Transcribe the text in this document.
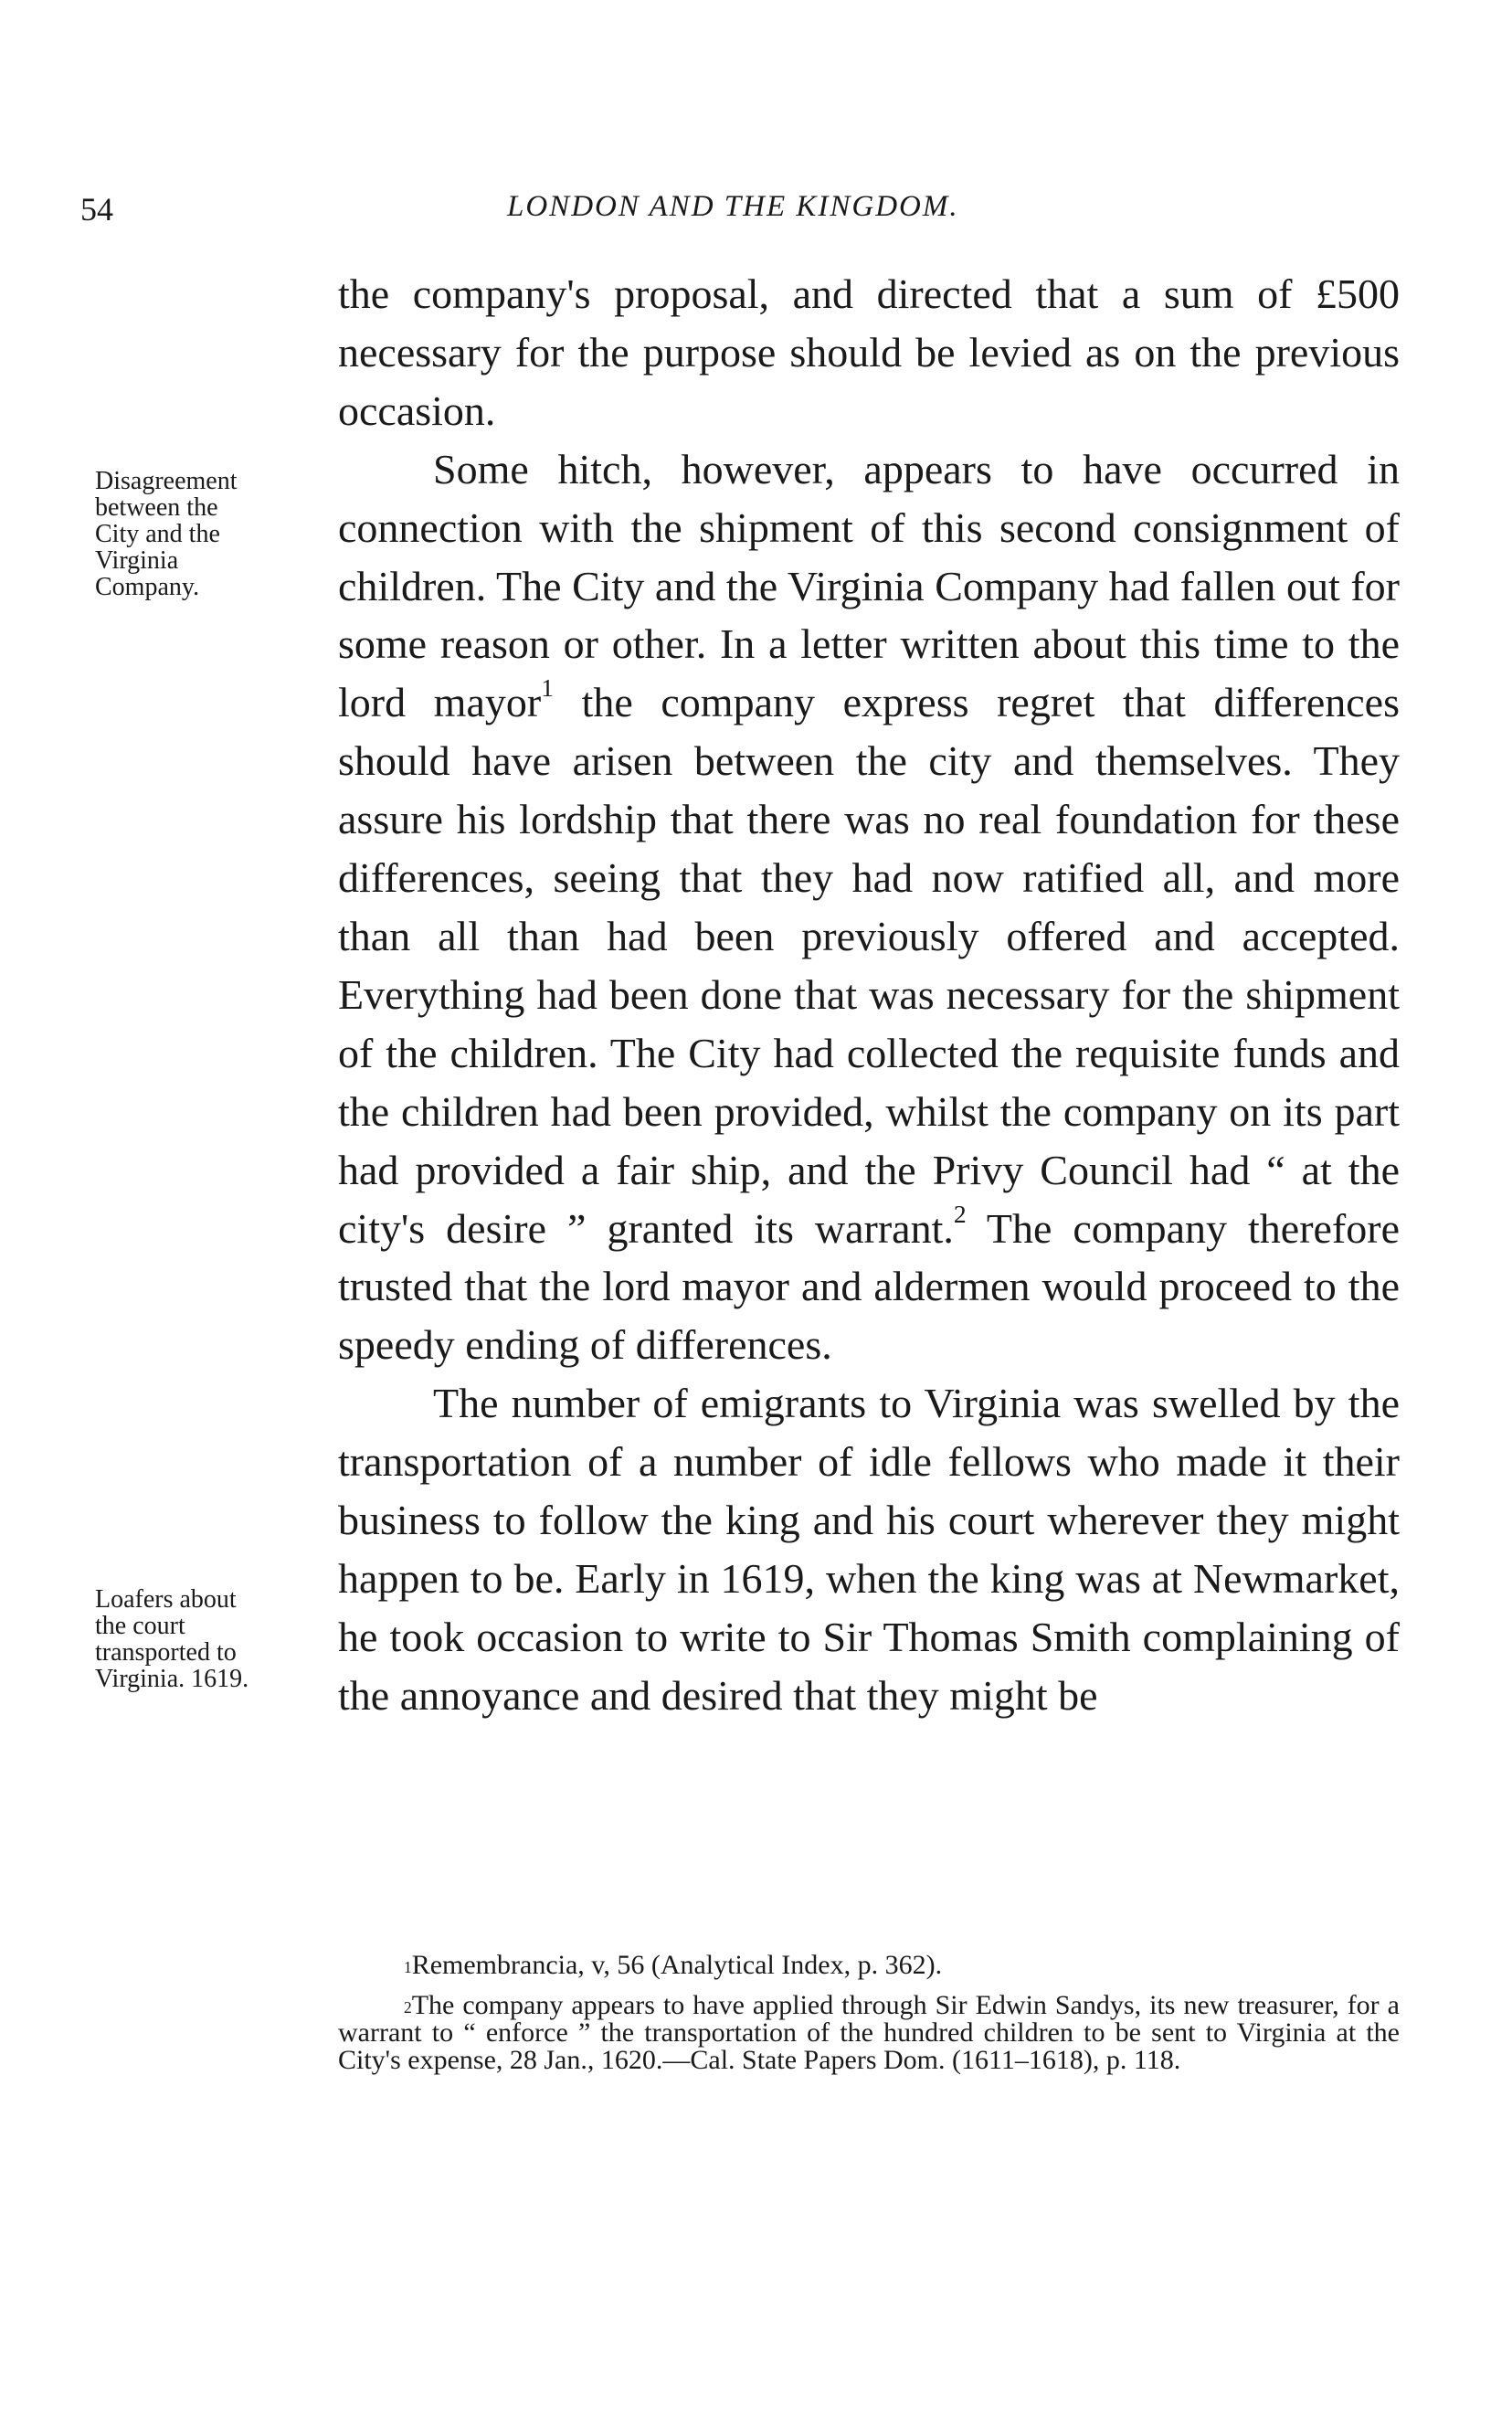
54	LONDON AND THE KINGDOM.

the company's proposal, and directed that a sum of £500 necessary for the purpose should be levied as on the previous occasion.

Some hitch, however, appears to have occurred in connection with the shipment of this second consignment of children. The City and the Virginia Company had fallen out for some reason or other. In a letter written about this time to the lord mayor$^1$ the company express regret that differences should have arisen between the city and themselves. They assure his lordship that there was no real foundation for these differences, seeing that they had now ratified all, and more than all than had been previously offered and accepted. Everything had been done that was necessary for the shipment of the children. The City had collected the requisite funds and the children had been provided, whilst the company on its part had provided a fair ship, and the Privy Council had “ at the city's desire ” granted its warrant.$^2$ The company therefore trusted that the lord mayor and aldermen would proceed to the speedy ending of differences.

The number of emigrants to Virginia was swelled by the transportation of a number of idle fellows who made it their business to follow the king and his court wherever they might happen to be. Early in 1619, when the king was at Newmarket, he took occasion to write to Sir Thomas Smith complaining of the annoyance and desired that they might be

Disagreement
between the
City and the
Virginia
Company.
Loafers about
the court
transported to
Virginia. 1619.

$^1$Remembrancia, v, 56 (Analytical Index, p. 362).

$^2$The company appears to have applied through Sir Edwin Sandys, its new treasurer, for a warrant to “ enforce ” the transportation of the hundred children to be sent to Virginia at the City's expense, 28 Jan., 1620.—Cal. State Papers Dom. (1611–1618), p. 118.
